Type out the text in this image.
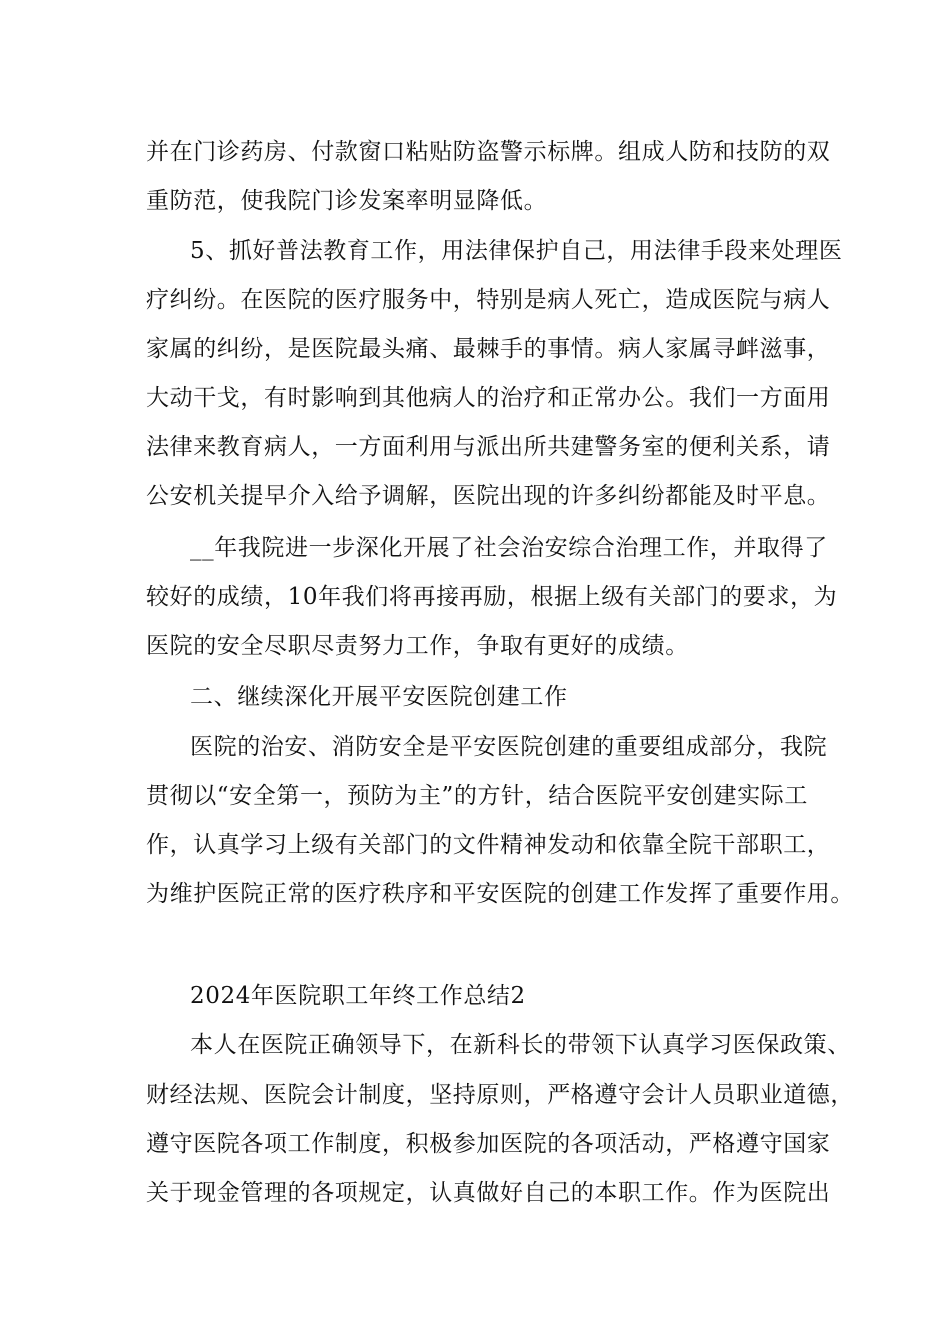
并在门诊药房、付款窗口粘贴防盗警示标牌。组成人防和技防的双
重防范，使我院门诊发案率明显降低。
5、抓好普法教育工作，用法律保护自己，用法律手段来处理医
疗纠纷。在医院的医疗服务中，特别是病人死亡，造成医院与病人
家属的纠纷，是医院最头痛、最棘手的事情。病人家属寻衅滋事，
大动干戈，有时影响到其他病人的治疗和正常办公。我们一方面用
法律来教育病人，一方面利用与派出所共建警务室的便利关系，请
公安机关提早介入给予调解，医院出现的许多纠纷都能及时平息。
__年我院进一步深化开展了社会治安综合治理工作，并取得了
较好的成绩，10年我们将再接再励，根据上级有关部门的要求，为
医院的安全尽职尽责努力工作，争取有更好的成绩。
二、继续深化开展平安医院创建工作
医院的治安、消防安全是平安医院创建的重要组成部分，我院
贯彻以“安全第一，预防为主”的方针，结合医院平安创建实际工
作，认真学习上级有关部门的文件精神发动和依靠全院干部职工，
为维护医院正常的医疗秩序和平安医院的创建工作发挥了重要作用。
2024年医院职工年终工作总结2
本人在医院正确领导下，在新科长的带领下认真学习医保政策、
财经法规、医院会计制度，坚持原则，严格遵守会计人员职业道德，
遵守医院各项工作制度，积极参加医院的各项活动，严格遵守国家
关于现金管理的各项规定，认真做好自己的本职工作。作为医院出
